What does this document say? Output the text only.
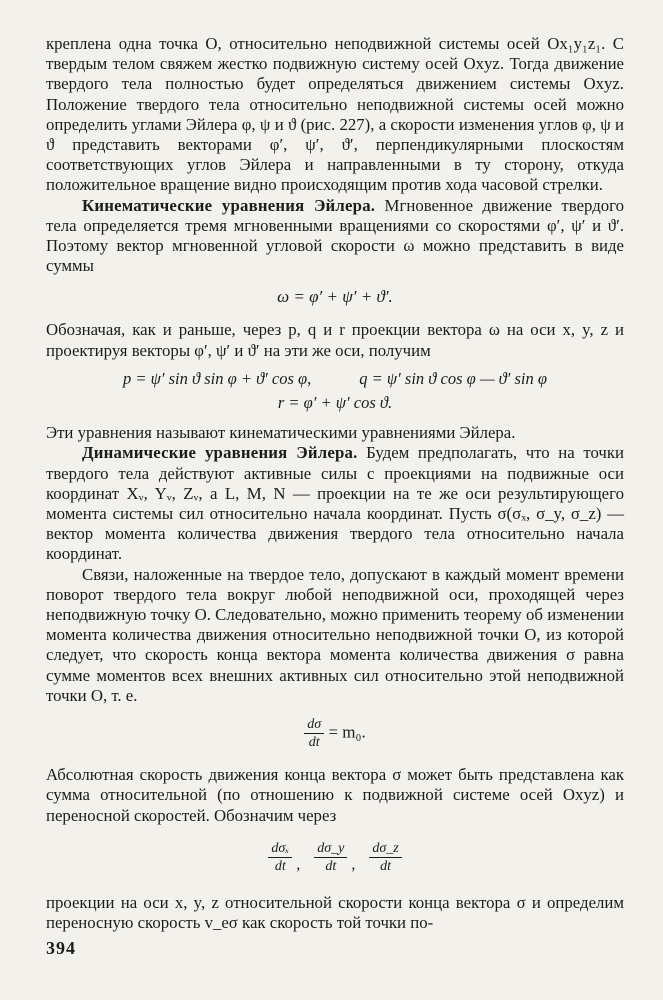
креплена одна точка O, относительно неподвижной системы осей Ox₁y₁z₁. С твердым телом свяжем жестко подвижную систему осей Oxyz. Тогда движение твердого тела полностью будет определяться движением системы Oxyz. Положение твердого тела относительно неподвижной системы осей можно определить углами Эйлера φ, ψ и ϑ (рис. 227), а скорости изменения углов φ, ψ и ϑ представить векторами φ′, ψ′, ϑ′, перпендикулярными плоскостям соответствующих углов Эйлера и направленными в ту сторону, откуда положительное вращение видно происходящим против хода часовой стрелки.

Кинематические уравнения Эйлера. Мгновенное движение твердого тела определяется тремя мгновенными вращениями со скоростями φ′, ψ′ и ϑ′. Поэтому вектор мгновенной угловой скорости ω можно представить в виде суммы

ω = φ′ + ψ′ + ϑ′.

Обозначая, как и раньше, через p, q и r проекции вектора ω на оси x, y, z и проектируя векторы φ′, ψ′ и ϑ′ на эти же оси, получим

p = ψ′ sin ϑ sin φ + ϑ′ cos φ,	q = ψ′ sin ϑ cos φ — ϑ′ sin φ
r = φ′ + ψ′ cos ϑ.

Эти уравнения называют кинематическими уравнениями Эйлера.

Динамические уравнения Эйлера. Будем предполагать, что на точки твердого тела действуют активные силы с проекциями на подвижные оси координат Xᵥ, Yᵥ, Zᵥ, а L, M, N — проекции на те же оси результирующего момента системы сил относительно начала координат. Пусть σ(σₓ, σ_y, σ_z) — вектор момента количества движения твердого тела относительно начала координат.

Связи, наложенные на твердое тело, допускают в каждый момент времени поворот твердого тела вокруг любой неподвижной оси, проходящей через неподвижную точку O. Следовательно, можно применить теорему об изменении момента количества движения относительно неподвижной точки O, из которой следует, что скорость конца вектора момента количества движения σ равна сумме моментов всех внешних активных сил относительно этой неподвижной точки O, т. е.

$\frac{d\sigma}{dt} = m_0$.

Абсолютная скорость движения конца вектора σ может быть представлена как сумма относительной (по отношению к подвижной системе осей Oxyz) и переносной скоростей. Обозначим через

$\frac{\text{dσₓ}}{dt}$ , $\frac{d\sigma\_y}{dt}$ , $\frac{d\sigma\_z}{dt}$

проекции на оси x, y, z относительной скорости конца вектора σ и определим переносную скорость v_eσ как скорость той точки по-

394
